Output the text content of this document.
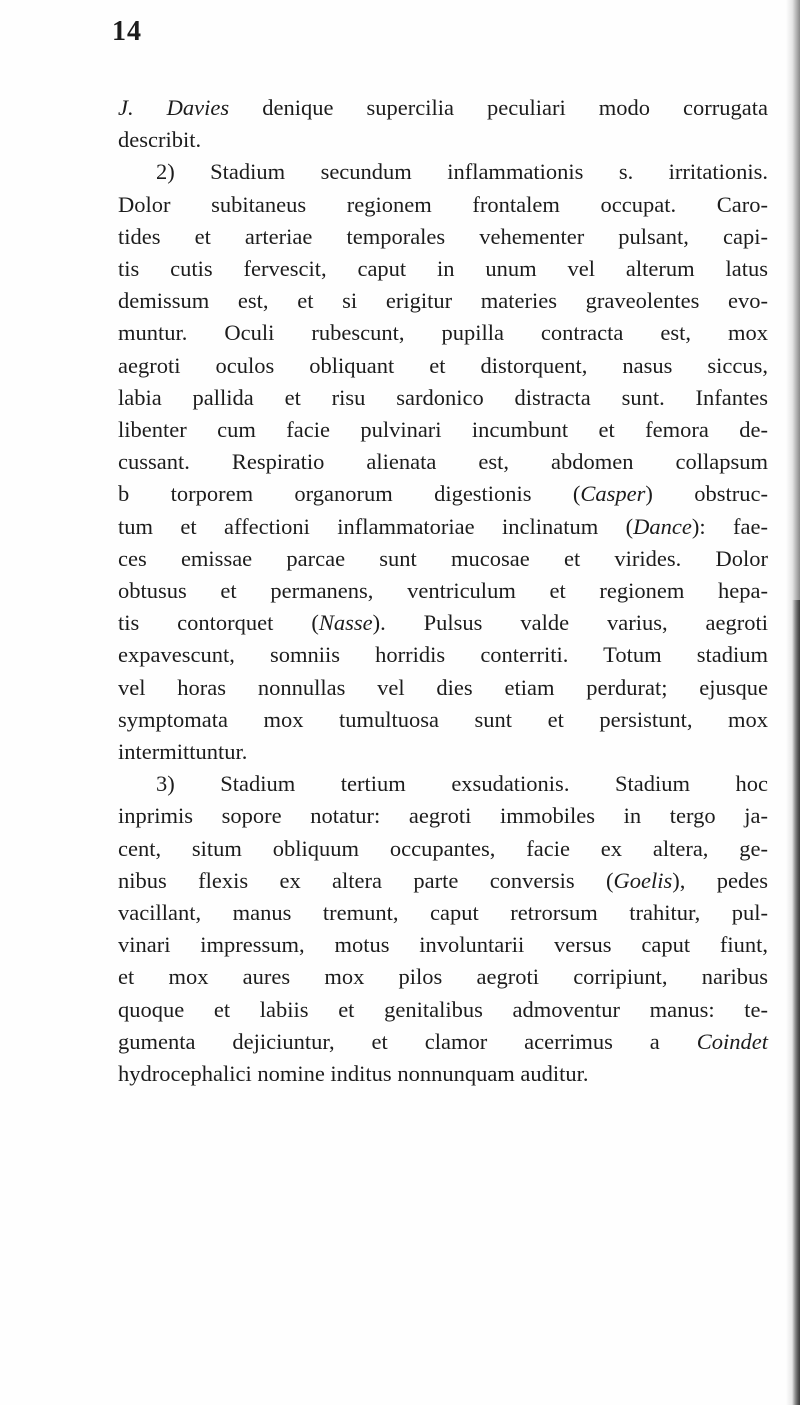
14

J. Davies denique supercilia peculiari modo corrugata
describit.

2) Stadium secundum inflammationis s. irritationis.
Dolor subitaneus regionem frontalem occupat. Caro-
tides et arteriae temporales vehementer pulsant, capi-
tis cutis fervescit, caput in unum vel alterum latus
demissum est, et si erigitur materies graveolentes evo-
muntur. Oculi rubescunt, pupilla contracta est, mox
aegroti oculos obliquant et distorquent, nasus siccus,
labia pallida et risu sardonico distracta sunt. Infantes
libenter cum facie pulvinari incumbunt et femora de-
cussant. Respiratio alienata est, abdomen collapsum
b torporem organorum digestionis (Casper) obstruc-
tum et affectioni inflammatoriae inclinatum (Dance): fae-
ces emissae parcae sunt mucosae et virides. Dolor
obtusus et permanens, ventriculum et regionem hepa-
tis contorquet (Nasse). Pulsus valde varius, aegroti
expavescunt, somniis horridis conterriti. Totum stadium
vel horas nonnullas vel dies etiam perdurat; ejusque
symptomata mox tumultuosa sunt et persistunt, mox
intermittuntur.

3) Stadium tertium exsudationis. Stadium hoc
inprimis sopore notatur: aegroti immobiles in tergo ja-
cent, situm obliquum occupantes, facie ex altera, ge-
nibus flexis ex altera parte conversis (Goelis), pedes
vacillant, manus tremunt, caput retrorsum trahitur, pul-
vinari impressum, motus involuntarii versus caput fiunt,
et mox aures mox pilos aegroti corripiunt, naribus
quoque et labiis et genitalibus admoventur manus: te-
gumenta dejiciuntur, et clamor acerrimus a Coindet
hydrocephalici nomine inditus nonnunquam auditur.
